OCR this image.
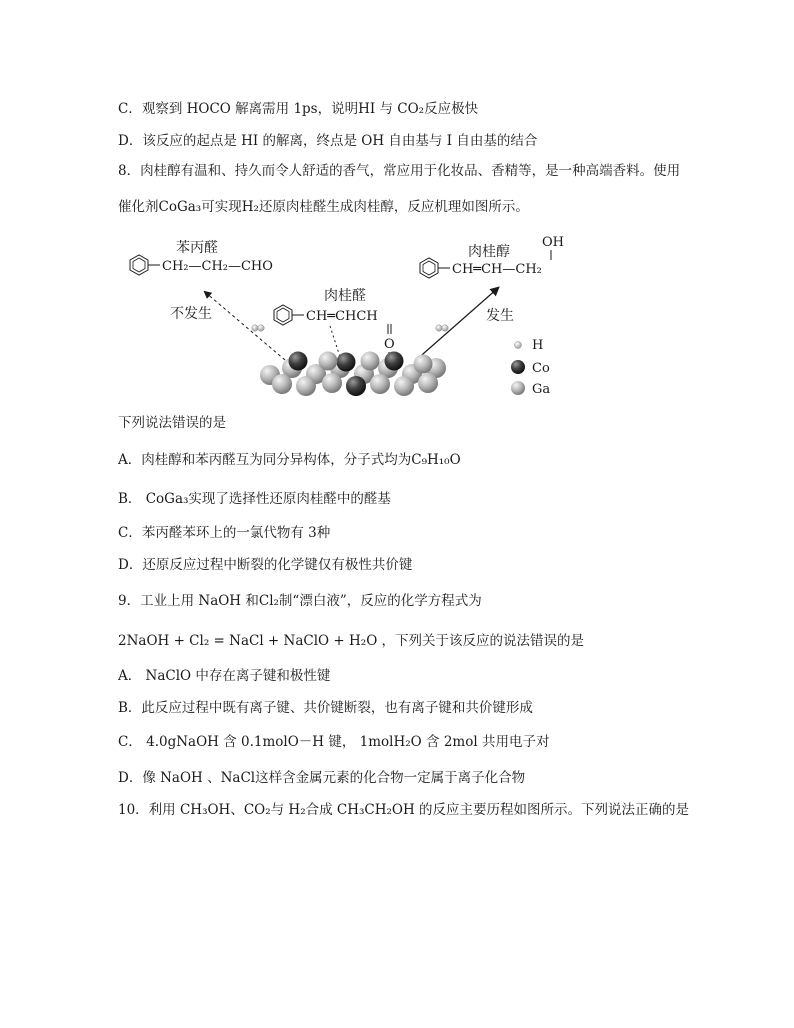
C．观察到 HOCO 解离需用 1ps，说明HI 与 CO₂反应极快
D．该反应的起点是 HI 的解离，终点是 OH 自由基与 I 自由基的结合
8．肉桂醇有温和、持久而令人舒适的香气，常应用于化妆品、香精等，是一种高端香料。使用
催化剂CoGa₃可实现H₂还原肉桂醛生成肉桂醇，反应机理如图所示。
苯丙醛
CH₂—CH₂—CHO
不发生
肉桂醛
CH═CHCH
O
发生
肉桂醇
OH
CH═CH—CH₂
H
Co
Ga
下列说法错误的是
A．肉桂醇和苯丙醛互为同分异构体，分子式均为C₉H₁₀O
B． CoGa₃实现了选择性还原肉桂醛中的醛基
C．苯丙醛苯环上的一氯代物有 3种
D．还原反应过程中断裂的化学键仅有极性共价键
9．工业上用 NaOH 和Cl₂制“漂白液”，反应的化学方程式为
2NaOH + Cl₂ = NaCl + NaClO + H₂O ，下列关于该反应的说法错误的是
A． NaClO 中存在离子键和极性键
B．此反应过程中既有离子键、共价键断裂，也有离子键和共价键形成
C． 4.0gNaOH 含 0.1molO－H 键， 1molH₂O 含 2mol 共用电子对
D．像 NaOH 、NaCl这样含金属元素的化合物一定属于离子化合物
10．利用 CH₃OH、CO₂与 H₂合成 CH₃CH₂OH 的反应主要历程如图所示。下列说法正确的是
